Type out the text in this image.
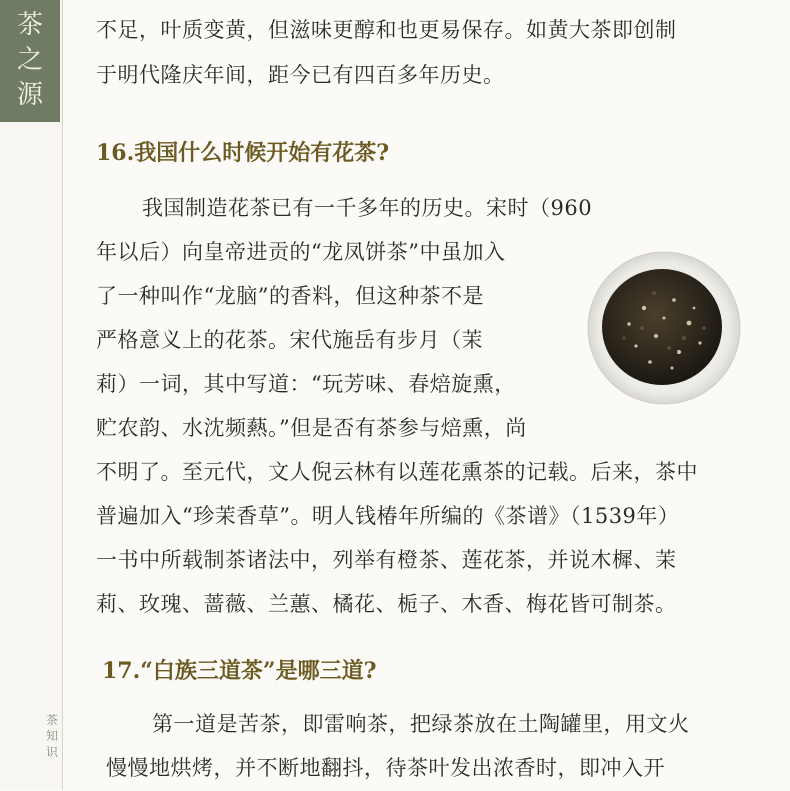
茶
之
源
茶
知
识

不足，叶质变黄，但滋味更醇和也更易保存。如黄大茶即创制

于明代隆庆年间，距今已有四百多年历史。

16.我国什么时候开始有花茶?

我国制造花茶已有一千多年的历史。宋时（960

年以后）向皇帝进贡的“龙凤饼茶”中虽加入

了一种叫作“龙脑”的香料，但这种茶不是

严格意义上的花茶。宋代施岳有步月（茉

莉）一词，其中写道：“玩芳味、春焙旋熏，

贮农韵、水沈频爇。”但是否有茶参与焙熏，尚

不明了。至元代，文人倪云林有以莲花熏茶的记载。后来，茶中

普遍加入“珍茉香草”。明人钱椿年所编的《茶谱》（1539年）

一书中所载制茶诸法中，列举有橙茶、莲花茶，并说木樨、茉

莉、玫瑰、蔷薇、兰蕙、橘花、栀子、木香、梅花皆可制茶。

17.“白族三道茶”是哪三道?

第一道是苦茶，即雷响茶，把绿茶放在土陶罐里，用文火

慢慢地烘烤，并不断地翻抖，待茶叶发出浓香时，即冲入开
